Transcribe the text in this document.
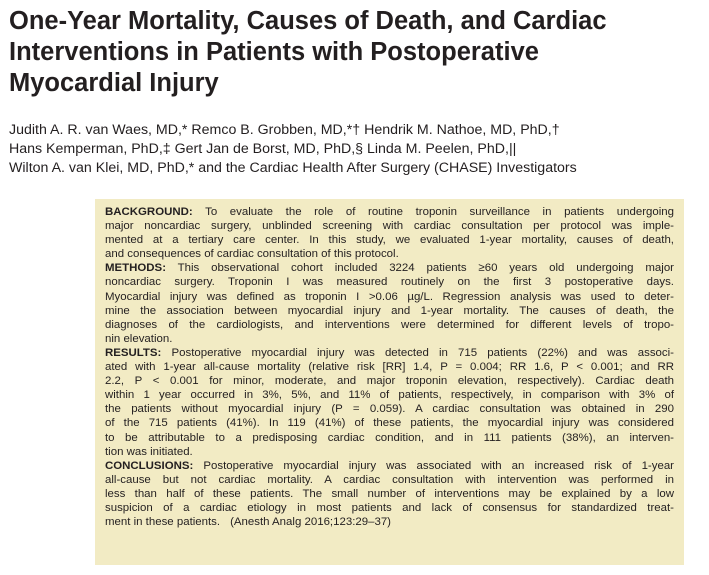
One-Year Mortality, Causes of Death, and Cardiac
Interventions in Patients with Postoperative
Myocardial Injury
Judith A. R. van Waes, MD,* Remco B. Grobben, MD,*† Hendrik M. Nathoe, MD, PhD,†
Hans Kemperman, PhD,‡ Gert Jan de Borst, MD, PhD,§ Linda M. Peelen, PhD,||
Wilton A. van Klei, MD, PhD,* and the Cardiac Health After Surgery (CHASE) Investigators
BACKGROUND: To evaluate the role of routine troponin surveillance in patients undergoing
major noncardiac surgery, unblinded screening with cardiac consultation per protocol was imple-
mented at a tertiary care center. In this study, we evaluated 1-year mortality, causes of death,
and consequences of cardiac consultation of this protocol.
METHODS: This observational cohort included 3224 patients ≥60 years old undergoing major
noncardiac surgery. Troponin I was measured routinely on the first 3 postoperative days.
Myocardial injury was defined as troponin I >0.06 µg/L. Regression analysis was used to deter-
mine the association between myocardial injury and 1-year mortality. The causes of death, the
diagnoses of the cardiologists, and interventions were determined for different levels of tropo-
nin elevation.
RESULTS: Postoperative myocardial injury was detected in 715 patients (22%) and was associ-
ated with 1-year all-cause mortality (relative risk [RR] 1.4, P = 0.004; RR 1.6, P < 0.001; and RR
2.2, P < 0.001 for minor, moderate, and major troponin elevation, respectively). Cardiac death
within 1 year occurred in 3%, 5%, and 11% of patients, respectively, in comparison with 3% of
the patients without myocardial injury (P = 0.059). A cardiac consultation was obtained in 290
of the 715 patients (41%). In 119 (41%) of these patients, the myocardial injury was considered
to be attributable to a predisposing cardiac condition, and in 111 patients (38%), an interven-
tion was initiated.
CONCLUSIONS: Postoperative myocardial injury was associated with an increased risk of 1-year
all-cause but not cardiac mortality. A cardiac consultation with intervention was performed in
less than half of these patients. The small number of interventions may be explained by a low
suspicion of a cardiac etiology in most patients and lack of consensus for standardized treat-
ment in these patients. (Anesth Analg 2016;123:29–37)
